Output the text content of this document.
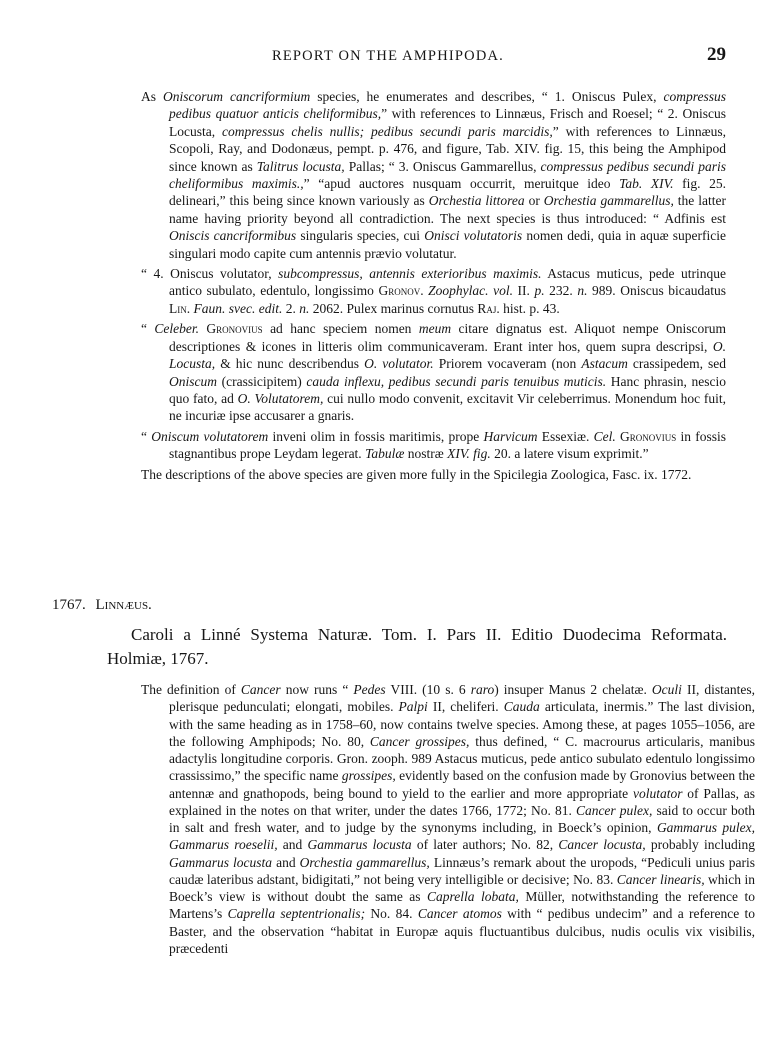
REPORT ON THE AMPHIPODA.	29

As Oniscorum cancriformium species, he enumerates and describes, “ 1. Oniscus Pulex, compressus pedibus quatuor anticis cheliformibus,” with references to Linnæus, Frisch and Roesel; “ 2. Oniscus Locusta, compressus chelis nullis; pedibus secundi paris marcidis,” with references to Linnæus, Scopoli, Ray, and Dodonæus, pempt. p. 476, and figure, Tab. XIV. fig. 15, this being the Amphipod since known as Talitrus locusta, Pallas; “ 3. Oniscus Gammarellus, compressus pedibus secundi paris cheliformibus maximis.,” “apud auctores nusquam occurrit, meruitque ideo Tab. XIV. fig. 25. delineari,” this being since known variously as Orchestia littorea or Orchestia gammarellus, the latter name having priority beyond all contradiction. The next species is thus introduced: “ Adfinis est Oniscis cancriformibus singularis species, cui Onisci volutatoris nomen dedi, quia in aquæ superficie singulari modo capite cum antennis prævio volutatur.

“ 4. Oniscus volutator, subcompressus, antennis exterioribus maximis. Astacus muticus, pede utrinque antico subulato, edentulo, longissimo Gronov. Zoophylac. vol. II. p. 232. n. 989. Oniscus bicaudatus Lin. Faun. svec. edit. 2. n. 2062. Pulex marinus cornutus Raj. hist. p. 43.

“ Celeber. Gronovius ad hanc speciem nomen meum citare dignatus est. Aliquot nempe Oniscorum descriptiones & icones in litteris olim communicaveram. Erant inter hos, quem supra descripsi, O. Locusta, & hic nunc describendus O. volutator. Priorem vocaveram (non Astacum crassipedem, sed Oniscum (crassicipitem) cauda inflexu, pedibus secundi paris tenuibus muticis. Hanc phrasin, nescio quo fato, ad O. Volutatorem, cui nullo modo convenit, excitavit Vir celeberrimus. Monendum hoc fuit, ne incuriæ ipse accusarer a gnaris.

“ Oniscum volutatorem inveni olim in fossis maritimis, prope Harvicum Essexiæ. Cel. Gronovius in fossis stagnantibus prope Leydam legerat. Tabulæ nostræ XIV. fig. 20. a latere visum exprimit.”

The descriptions of the above species are given more fully in the Spicilegia Zoologica, Fasc. ix. 1772.

1767. Linnæus.
Caroli a Linné Systema Naturæ. Tom. I. Pars II. Editio Duodecima Reformata. Holmiæ, 1767.
The definition of Cancer now runs “ Pedes VIII. (10 s. 6 raro) insuper Manus 2 chelatæ. Oculi II, distantes, plerisque pedunculati; elongati, mobiles. Palpi II, cheliferi. Cauda articulata, inermis.” The last division, with the same heading as in 1758–60, now contains twelve species. Among these, at pages 1055–1056, are the following Amphipods; No. 80, Cancer grossipes, thus defined, “ C. macrourus articularis, manibus adactylis longitudine corporis. Gron. zooph. 989 Astacus muticus, pede antico subulato edentulo longissimo crassissimo,” the specific name grossipes, evidently based on the confusion made by Gronovius between the antennæ and gnathopods, being bound to yield to the earlier and more appropriate volutator of Pallas, as explained in the notes on that writer, under the dates 1766, 1772; No. 81. Cancer pulex, said to occur both in salt and fresh water, and to judge by the synonyms including, in Boeck’s opinion, Gammarus pulex, Gammarus roeselii, and Gammarus locusta of later authors; No. 82, Cancer locusta, probably including Gammarus locusta and Orchestia gammarellus, Linnæus’s remark about the uropods, “Pediculi unius paris caudæ lateribus adstant, bidigitati,” not being very intelligible or decisive; No. 83. Cancer linearis, which in Boeck’s view is without doubt the same as Caprella lobata, Müller, notwithstanding the reference to Martens’s Caprella septentrionalis; No. 84. Cancer atomos with “ pedibus undecim” and a reference to Baster, and the observation “habitat in Europæ aquis fluctuantibus dulcibus, nudis oculis vix visibilis, præcedenti
